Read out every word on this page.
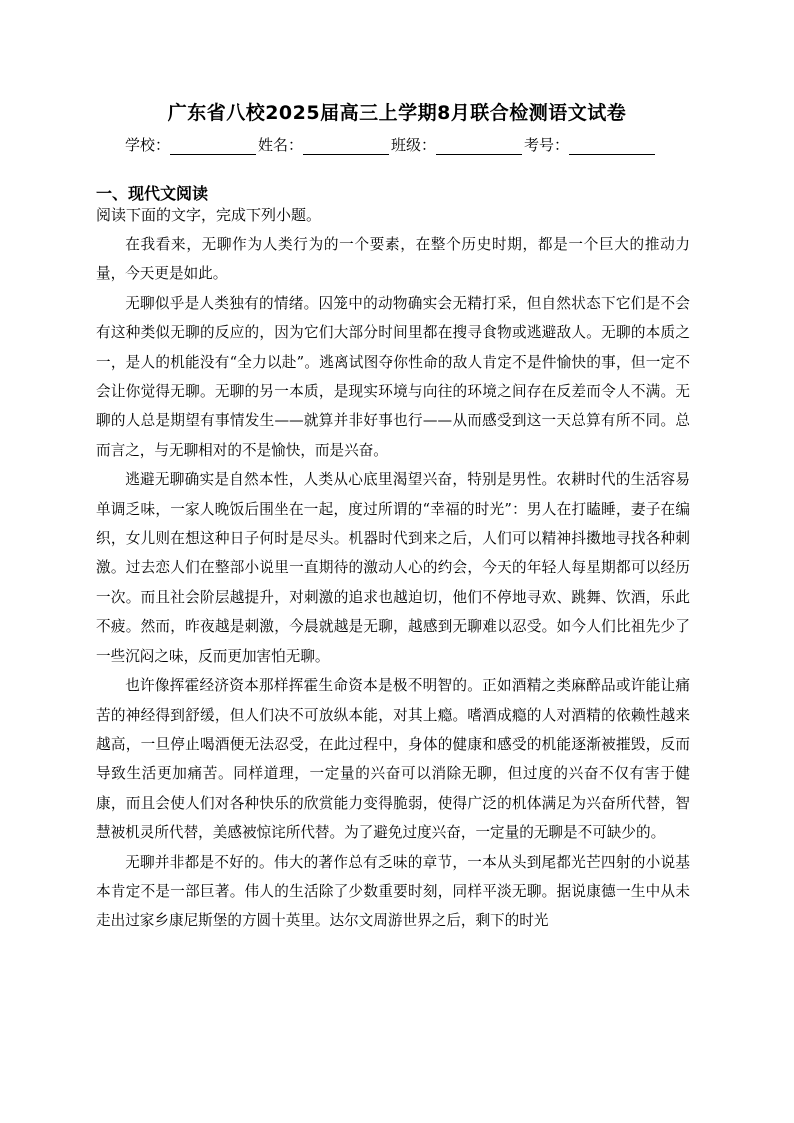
广东省八校2025届高三上学期8月联合检测语文试卷
学校：	姓名：	班级：	考号：
一、现代文阅读

阅读下面的文字，完成下列小题。

在我看来，无聊作为人类行为的一个要素，在整个历史时期，都是一个巨大的推动力量，今天更是如此。

无聊似乎是人类独有的情绪。囚笼中的动物确实会无精打采，但自然状态下它们是不会有这种类似无聊的反应的，因为它们大部分时间里都在搜寻食物或逃避敌人。无聊的本质之一，是人的机能没有“全力以赴”。逃离试图夺你性命的敌人肯定不是件愉快的事，但一定不会让你觉得无聊。无聊的另一本质，是现实环境与向往的环境之间存在反差而令人不满。无聊的人总是期望有事情发生——就算并非好事也行——从而感受到这一天总算有所不同。总而言之，与无聊相对的不是愉快，而是兴奋。

逃避无聊确实是自然本性，人类从心底里渴望兴奋，特别是男性。农耕时代的生活容易单调乏味，一家人晚饭后围坐在一起，度过所谓的“幸福的时光”：男人在打瞌睡，妻子在编织，女儿则在想这种日子何时是尽头。机器时代到来之后，人们可以精神抖擞地寻找各种刺激。过去恋人们在整部小说里一直期待的激动人心的约会，今天的年轻人每星期都可以经历一次。而且社会阶层越提升，对刺激的追求也越迫切，他们不停地寻欢、跳舞、饮酒，乐此不疲。然而，昨夜越是刺激，今晨就越是无聊，越感到无聊难以忍受。如今人们比祖先少了一些沉闷之味，反而更加害怕无聊。

也许像挥霍经济资本那样挥霍生命资本是极不明智的。正如酒精之类麻醉品或许能让痛苦的神经得到舒缓，但人们决不可放纵本能，对其上瘾。嗜酒成瘾的人对酒精的依赖性越来越高，一旦停止喝酒便无法忍受，在此过程中，身体的健康和感受的机能逐渐被摧毁，反而导致生活更加痛苦。同样道理，一定量的兴奋可以消除无聊，但过度的兴奋不仅有害于健康，而且会使人们对各种快乐的欣赏能力变得脆弱，使得广泛的机体满足为兴奋所代替，智慧被机灵所代替，美感被惊诧所代替。为了避免过度兴奋，一定量的无聊是不可缺少的。

无聊并非都是不好的。伟大的著作总有乏味的章节，一本从头到尾都光芒四射的小说基本肯定不是一部巨著。伟人的生活除了少数重要时刻，同样平淡无聊。据说康德一生中从未走出过家乡康尼斯堡的方圆十英里。达尔文周游世界之后，剩下的时光
